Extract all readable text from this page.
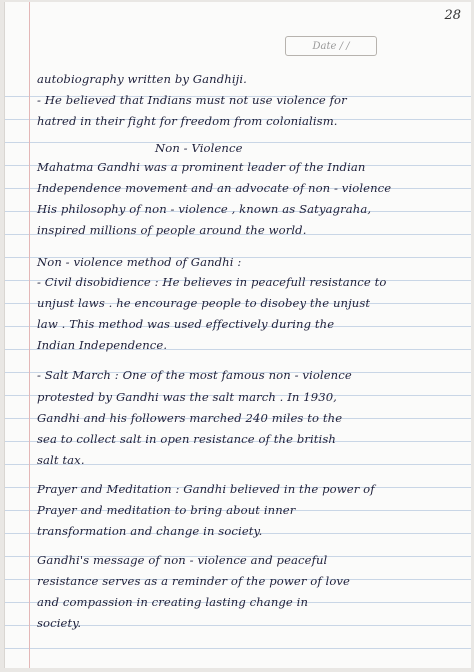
28
Date / /
autobiography written by Gandhiji.
- He believed that Indians must not use violence for
hatred in their fight for freedom from colonialism.
Non - Violence
Mahatma Gandhi was a prominent leader of the Indian
Independence movement and an advocate of non - violence
His philosophy of non - violence , known as Satyagraha,
inspired millions of people around the world.
Non - violence method of Gandhi :
- Civil disobidience : He believes in peacefull resistance to
unjust laws . he encourage people to disobey the unjust
law . This method was used effectively during the
Indian Independence.
- Salt March : One of the most famous non - violence
protested by Gandhi was the salt march . In 1930,
Gandhi and his followers marched 240 miles to the
sea to collect salt in open resistance of the british
salt tax.
Prayer and Meditation : Gandhi believed in the power of
Prayer and meditation to bring about inner
transformation and change in society.
Gandhi's message of non - violence and peaceful
resistance serves as a reminder of the power of love
and compassion in creating lasting change in
society.
